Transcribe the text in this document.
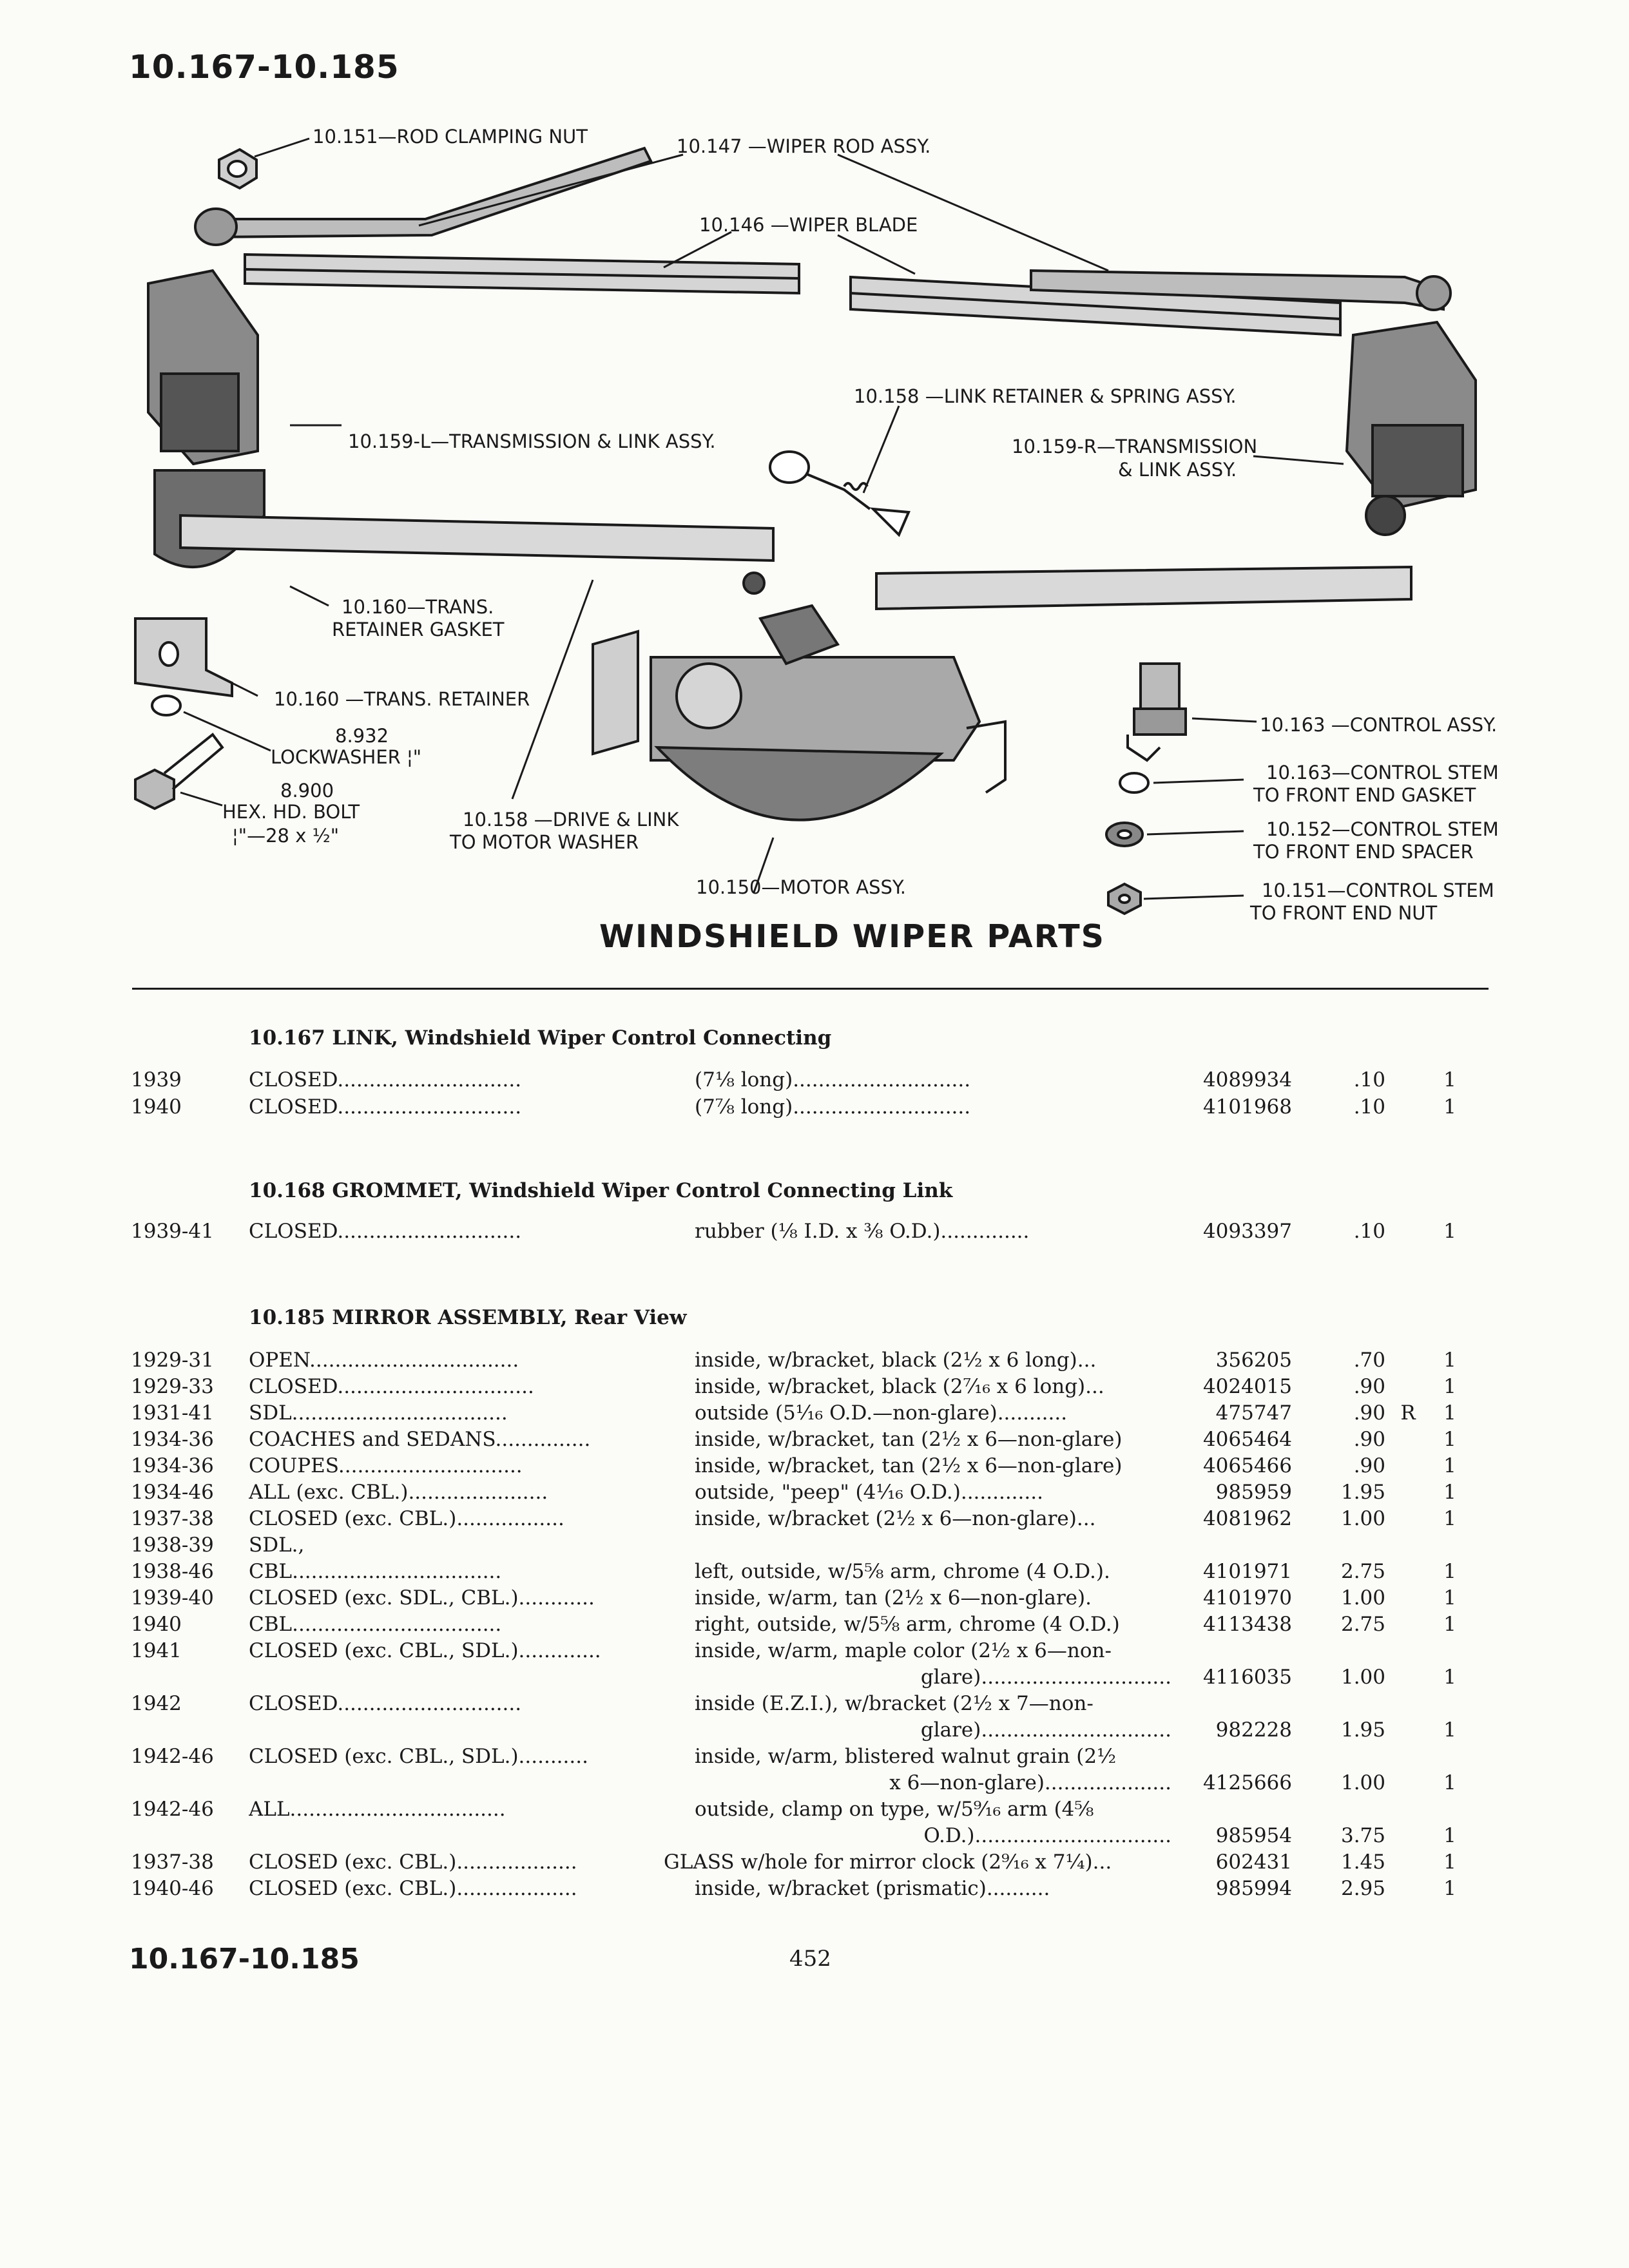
10.167-10.185
10.151—ROD CLAMPING NUT	10.147 —WIPER ROD ASSY.
10.146 —WIPER BLADE
10.158 —LINK RETAINER & SPRING ASSY.
10.159-L—TRANSMISSION & LINK ASSY.	10.159-R—TRANSMISSION
& LINK ASSY.
10.160—TRANS.
RETAINER GASKET
10.160 —TRANS. RETAINER
8.932
LOCKWASHER ¦"
8.900
HEX. HD. BOLT
¦"—28 x ½"
10.158 —DRIVE & LINK
TO MOTOR WASHER
10.150—MOTOR ASSY.
10.163 —CONTROL ASSY.
10.163—CONTROL STEM
TO FRONT END GASKET
10.152—CONTROL STEM
TO FRONT END SPACER
10.151—CONTROL STEM
TO FRONT END NUT
WINDSHIELD WIPER PARTS
10.167 LINK, Windshield Wiper Control Connecting
1939	CLOSED.............................	(7⅛ long)............................	4089934	.10	1
1940	CLOSED.............................	(7⅞ long)............................	4101968	.10	1
10.168 GROMMET, Windshield Wiper Control Connecting Link
1939-41	CLOSED.............................	rubber (⅛ I.D. x ⅜ O.D.)..............	4093397	.10	1
10.185 MIRROR ASSEMBLY, Rear View
1929-31	OPEN.................................	inside, w/bracket, black (2½ x 6 long)...	356205	.70	1
1929-33	CLOSED...............................	inside, w/bracket, black (2⁷⁄₁₆ x 6 long)...	4024015	.90	1
1931-41	SDL..................................	outside (5¹⁄₁₆ O.D.—non-glare)...........	475747	.90 R	1
1934-36	COACHES and SEDANS...............	inside, w/bracket, tan (2½ x 6—non-glare)	4065464	.90	1
1934-36	COUPES.............................	inside, w/bracket, tan (2½ x 6—non-glare)	4065466	.90	1
1934-46	ALL (exc. CBL.)......................	outside, "peep" (4¹⁄₁₆ O.D.).............	985959	1.95	1
1937-38	CLOSED (exc. CBL.).................	inside, w/bracket (2½ x 6—non-glare)...	4081962	1.00	1
1938-39	SDL.,
1938-46	CBL.................................	left, outside, w/5⅝ arm, chrome (4 O.D.).	4101971	2.75	1
1939-40	CLOSED (exc. SDL., CBL.)............	inside, w/arm, tan (2½ x 6—non-glare).	4101970	1.00	1
1940	CBL.................................	right, outside, w/5⅝ arm, chrome (4 O.D.)	4113438	2.75	1
1941	CLOSED (exc. CBL., SDL.).............	inside, w/arm, maple color (2½ x 6—non-
glare)..............................	4116035	1.00	1
1942	CLOSED.............................	inside (E.Z.I.), w/bracket (2½ x 7—non-
glare)..............................	982228	1.95	1
1942-46	CLOSED (exc. CBL., SDL.)...........	inside, w/arm, blistered walnut grain (2½
x 6—non-glare)....................	4125666	1.00	1
1942-46	ALL..................................	outside, clamp on type, w/5⁹⁄₁₆ arm (4⅝
O.D.)...............................	985954	3.75	1
1937-38	CLOSED (exc. CBL.)...................	GLASS w/hole for mirror clock (2⁹⁄₁₆ x 7¼)...	602431	1.45	1
1940-46	CLOSED (exc. CBL.)...................	inside, w/bracket (prismatic)..........	985994	2.95	1
10.167-10.185	452
